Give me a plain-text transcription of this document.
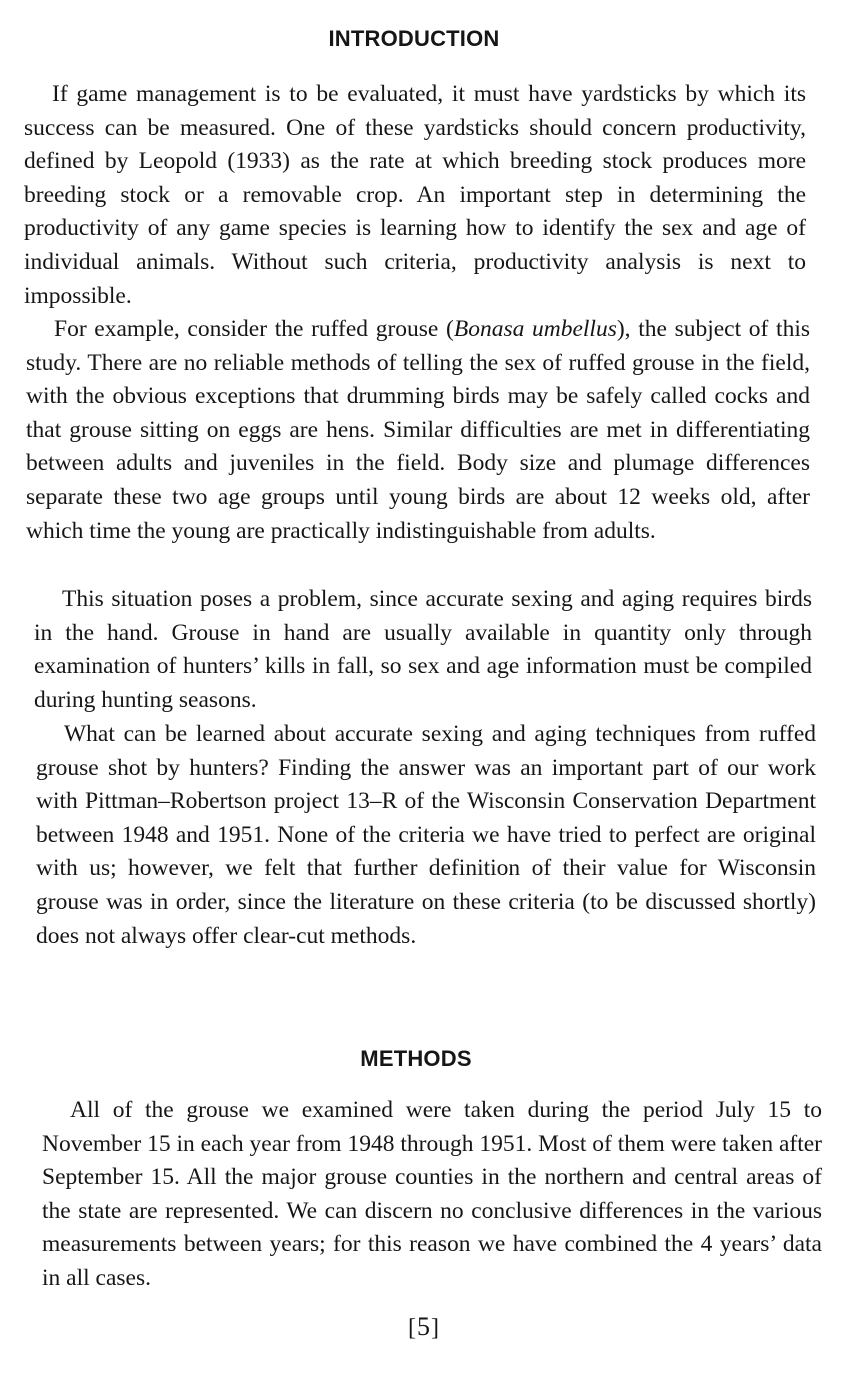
INTRODUCTION

If game management is to be evaluated, it must have yardsticks by which its success can be measured. One of these yardsticks should concern productivity, defined by Leopold (1933) as the rate at which breeding stock produces more breeding stock or a removable crop. An important step in determining the productivity of any game species is learning how to identify the sex and age of individual animals. Without such criteria, productivity analysis is next to impossible.

For example, consider the ruffed grouse (Bonasa umbellus), the subject of this study. There are no reliable methods of telling the sex of ruffed grouse in the field, with the obvious exceptions that drumming birds may be safely called cocks and that grouse sitting on eggs are hens. Similar difficulties are met in differentiating between adults and juveniles in the field. Body size and plumage differences separate these two age groups until young birds are about 12 weeks old, after which time the young are practically indistinguishable from adults.

This situation poses a problem, since accurate sexing and aging requires birds in the hand. Grouse in hand are usually available in quantity only through examination of hunters’ kills in fall, so sex and age information must be compiled during hunting seasons.

What can be learned about accurate sexing and aging techniques from ruffed grouse shot by hunters? Finding the answer was an important part of our work with Pittman–Robertson project 13–R of the Wisconsin Conservation Department between 1948 and 1951. None of the criteria we have tried to perfect are original with us; however, we felt that further definition of their value for Wisconsin grouse was in order, since the literature on these criteria (to be discussed shortly) does not always offer clear-cut methods.

METHODS

All of the grouse we examined were taken during the period July 15 to November 15 in each year from 1948 through 1951. Most of them were taken after September 15. All the major grouse counties in the northern and central areas of the state are represented. We can discern no conclusive differences in the various measurements between years; for this reason we have combined the 4 years’ data in all cases.

[5]
